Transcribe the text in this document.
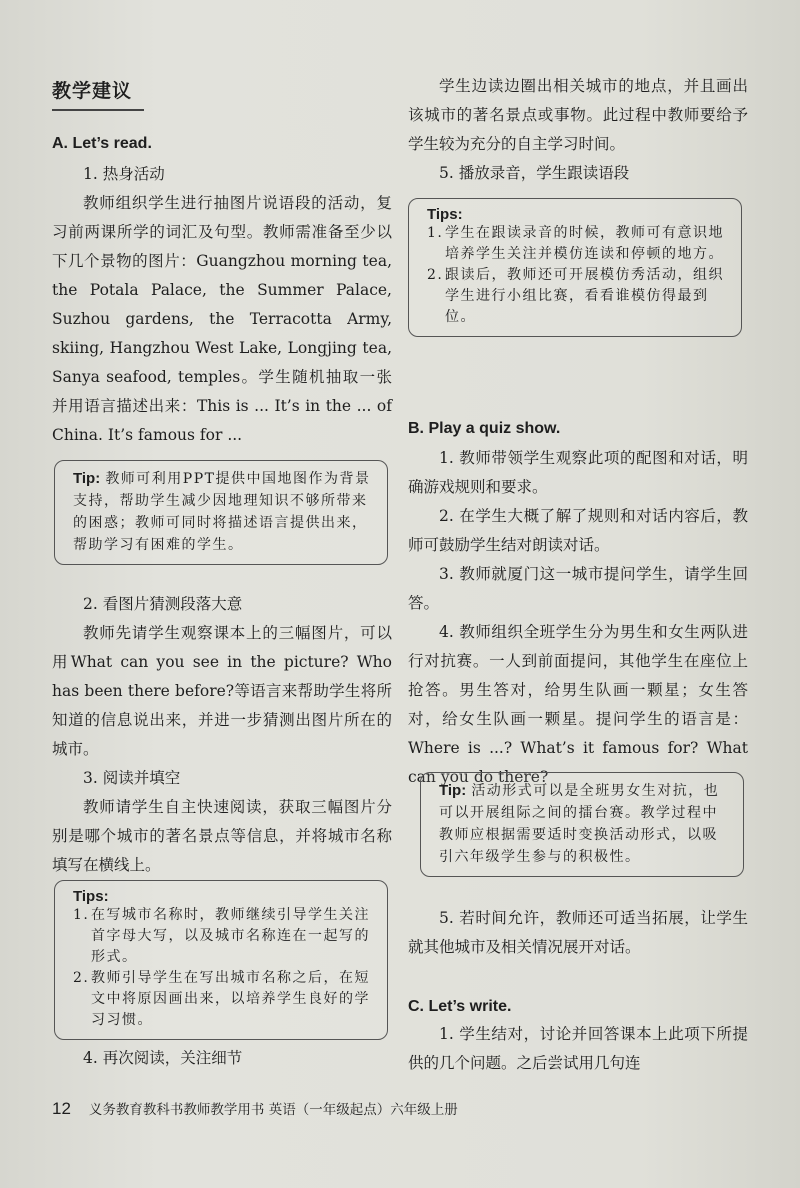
教学建议

A. Let’s read.

1. 热身活动

教师组织学生进行抽图片说语段的活动，复习前两课所学的词汇及句型。教师需准备至少以下几个景物的图片：Guangzhou morning tea, the Potala Palace, the Summer Palace, Suzhou gardens, the Terracotta Army, skiing, Hangzhou West Lake, Longjing tea, Sanya seafood, temples。学生随机抽取一张并用语言描述出来：This is ... It’s in the ... of China. It’s famous for ...

Tip: 教师可利用PPT提供中国地图作为背景支持，帮助学生减少因地理知识不够所带来的困惑；教师可同时将描述语言提供出来，帮助学习有困难的学生。

2. 看图片猜测段落大意

教师先请学生观察课本上的三幅图片，可以用What can you see in the picture? Who has been there before?等语言来帮助学生将所知道的信息说出来，并进一步猜测出图片所在的城市。

3. 阅读并填空

教师请学生自主快速阅读，获取三幅图片分别是哪个城市的著名景点等信息，并将城市名称填写在横线上。

Tips:
1. 在写城市名称时，教师继续引导学生关注首字母大写，以及城市名称连在一起写的形式。
2. 教师引导学生在写出城市名称之后，在短文中将原因画出来，以培养学生良好的学习习惯。

4. 再次阅读，关注细节

学生边读边圈出相关城市的地点，并且画出该城市的著名景点或事物。此过程中教师要给予学生较为充分的自主学习时间。

5. 播放录音，学生跟读语段

Tips:
1. 学生在跟读录音的时候，教师可有意识地培养学生关注并模仿连读和停顿的地方。
2. 跟读后，教师还可开展模仿秀活动，组织学生进行小组比赛，看看谁模仿得最到位。

B. Play a quiz show.

1. 教师带领学生观察此项的配图和对话，明确游戏规则和要求。

2. 在学生大概了解了规则和对话内容后，教师可鼓励学生结对朗读对话。

3. 教师就厦门这一城市提问学生，请学生回答。

4. 教师组织全班学生分为男生和女生两队进行对抗赛。一人到前面提问，其他学生在座位上抢答。男生答对，给男生队画一颗星；女生答对，给女生队画一颗星。提问学生的语言是：Where is ...? What’s it famous for? What can you do there?

Tip: 活动形式可以是全班男女生对抗，也可以开展组际之间的擂台赛。教学过程中教师应根据需要适时变换活动形式，以吸引六年级学生参与的积极性。

5. 若时间允许，教师还可适当拓展，让学生就其他城市及相关情况展开对话。

C. Let’s write.

1. 学生结对，讨论并回答课本上此项下所提供的几个问题。之后尝试用几句连

12 义务教育教科书教师教学用书 英语（一年级起点）六年级上册
